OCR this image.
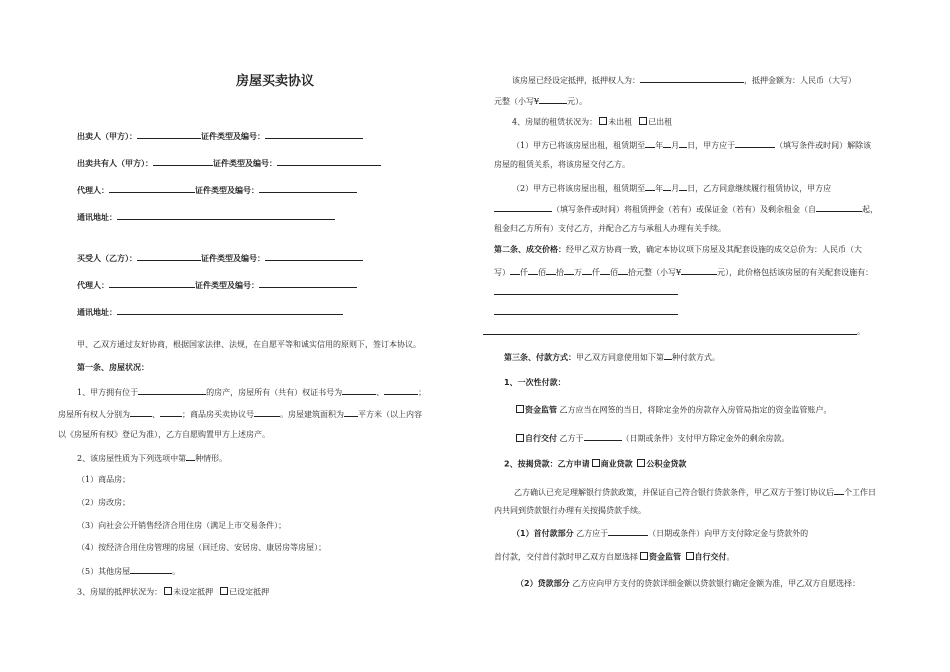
房屋买卖协议
出卖人（甲方）：	证件类型及编号：
出卖共有人（甲方）：	证件类型及编号：
代理人：	证件类型及编号：
通讯地址：
买受人（乙方）：	证件类型及编号：
代理人：	证件类型及编号：
通讯地址：
甲、乙双方通过友好协商，根据国家法律、法规，在自愿平等和诚实信用的原则下，签订本协议。
第一条、房屋状况：
1、甲方拥有位于	的房产，房屋所有（共有）权证书号为	、	；
房屋所有权人分别为	、	；商品房买卖协议号	。房屋建筑面积为 平方米（以上内容
以《房屋所有权》登记为准），乙方自愿购置甲方上述房产。
2、该房屋性质为下列选项中第 种情形。
（1）商品房；
（2）房改房；
（3）向社会公开销售经济合用住房（满足上市交易条件）；
（4）按经济合用住房管理的房屋（回迁房、安居房、康居房等房屋）；
（5）其他房屋	。
3、房屋的抵押状况为： 未设定抵押 已设定抵押
该房屋已经设定抵押，抵押权人为：	，抵押金额为：人民币（大写）
元整（小写¥	元）。
4、房屋的租赁状况为： 未出租 已出租
（1）甲方已将该房屋出租，租赁期至 年 月 日，甲方应于	（填写条件或时间）解除该
房屋的租赁关系，将该房屋交付乙方。
（2）甲方已将该房屋出租，租赁期至 年 月 日，乙方同意继续履行租赁协议，甲方应
（填写条件或时间）将租赁押金（若有）或保证金（若有）及剩余租金（自	起，
租金归乙方所有）支付乙方，并配合乙方与承租人办理有关手续。
第二条、成交价格：经甲乙双方协商一致，确定本协议项下房屋及其配套设施的成交总价为：人民币（大
写） 仟 佰 拾 万 仟 佰 拾元整（小写¥	元），此价格包括该房屋的有关配套设施有：
。
第三条、付款方式：甲乙双方同意使用如下第 种付款方式。
1、一次性付款：
资金监管 乙方应当在网签的当日，将除定金外的房款存入房管局指定的资金监管账户。
自行交付 乙方于	（日期或条件）支付甲方除定金外的剩余房款。
2、按揭贷款：乙方申请 商业贷款 公积金贷款
乙方确认已充足理解银行贷款政策，并保证自己符合银行贷款条件，甲乙双方于签订协议后 个工作日
内共同到贷款银行办理有关按揭贷款手续。
（1）首付款部分 乙方应于	（日期或条件）向甲方支付除定金与贷款外的
首付款，交付首付款时甲乙双方自愿选择 资金监管 自行交付。
（2）贷款部分 乙方应向甲方支付的贷款详细金额以贷款银行确定金额为准，甲乙双方自愿选择：
